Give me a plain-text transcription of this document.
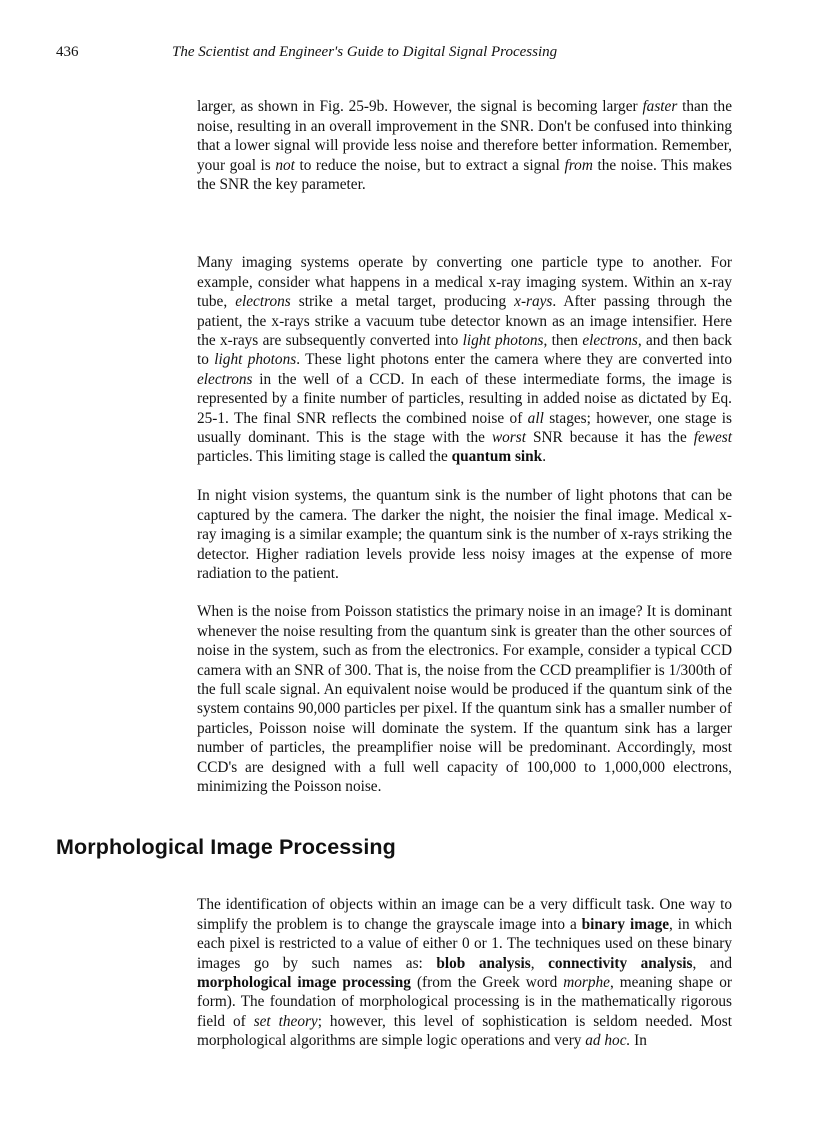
436	The Scientist and Engineer's Guide to Digital Signal Processing

larger, as shown in Fig. 25-9b. However, the signal is becoming larger faster than the noise, resulting in an overall improvement in the SNR. Don't be confused into thinking that a lower signal will provide less noise and therefore better information. Remember, your goal is not to reduce the noise, but to extract a signal from the noise. This makes the SNR the key parameter.

Many imaging systems operate by converting one particle type to another. For example, consider what happens in a medical x-ray imaging system. Within an x-ray tube, electrons strike a metal target, producing x-rays. After passing through the patient, the x-rays strike a vacuum tube detector known as an image intensifier. Here the x-rays are subsequently converted into light photons, then electrons, and then back to light photons. These light photons enter the camera where they are converted into electrons in the well of a CCD. In each of these intermediate forms, the image is represented by a finite number of particles, resulting in added noise as dictated by Eq. 25-1. The final SNR reflects the combined noise of all stages; however, one stage is usually dominant. This is the stage with the worst SNR because it has the fewest particles. This limiting stage is called the quantum sink.

In night vision systems, the quantum sink is the number of light photons that can be captured by the camera. The darker the night, the noisier the final image. Medical x-ray imaging is a similar example; the quantum sink is the number of x-rays striking the detector. Higher radiation levels provide less noisy images at the expense of more radiation to the patient.

When is the noise from Poisson statistics the primary noise in an image? It is dominant whenever the noise resulting from the quantum sink is greater than the other sources of noise in the system, such as from the electronics. For example, consider a typical CCD camera with an SNR of 300. That is, the noise from the CCD preamplifier is 1/300th of the full scale signal. An equivalent noise would be produced if the quantum sink of the system contains 90,000 particles per pixel. If the quantum sink has a smaller number of particles, Poisson noise will dominate the system. If the quantum sink has a larger number of particles, the preamplifier noise will be predominant. Accordingly, most CCD's are designed with a full well capacity of 100,000 to 1,000,000 electrons, minimizing the Poisson noise.

Morphological Image Processing

The identification of objects within an image can be a very difficult task. One way to simplify the problem is to change the grayscale image into a binary image, in which each pixel is restricted to a value of either 0 or 1. The techniques used on these binary images go by such names as: blob analysis, connectivity analysis, and morphological image processing (from the Greek word morphe, meaning shape or form). The foundation of morphological processing is in the mathematically rigorous field of set theory; however, this level of sophistication is seldom needed. Most morphological algorithms are simple logic operations and very ad hoc. In
